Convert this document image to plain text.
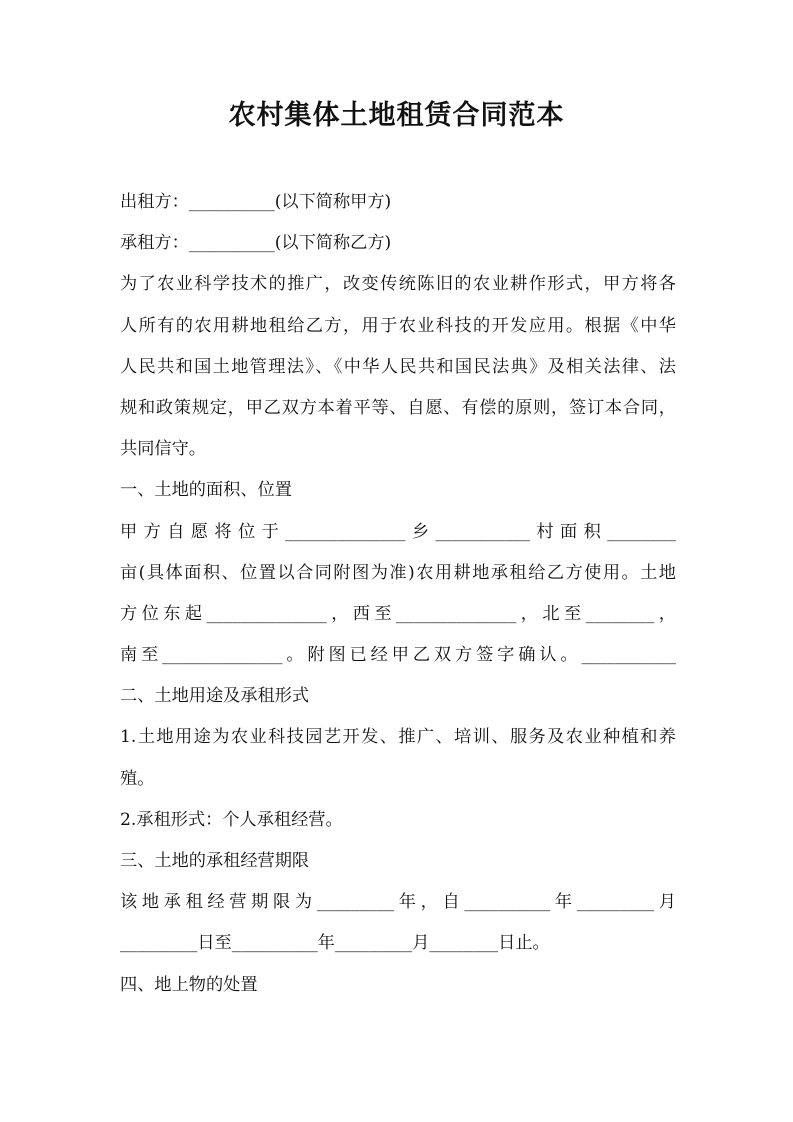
农村集体土地租赁合同范本
出租方：__________(以下简称甲方)
承租方：__________(以下简称乙方)
为了农业科学技术的推广，改变传统陈旧的农业耕作形式，甲方将各
人所有的农用耕地租给乙方，用于农业科技的开发应用。根据《中华
人民共和国土地管理法》、《中华人民共和国民法典》及相关法律、法
规和政策规定，甲乙双方本着平等、自愿、有偿的原则，签订本合同，
共同信守。
一、土地的面积、位置
甲方自愿将位于______________乡___________村面积________
亩(具体面积、位置以合同附图为准)农用耕地承租给乙方使用。土地
方位东起______________，西至______________，北至________，
南至______________。附图已经甲乙双方签字确认。___________
二、土地用途及承租形式
1.土地用途为农业科技园艺开发、推广、培训、服务及农业种植和养
殖。
2.承租形式：个人承租经营。
三、土地的承租经营期限
该地承租经营期限为_________年，自__________年_________月
_________日至__________年_________月________日止。
四、地上物的处置
